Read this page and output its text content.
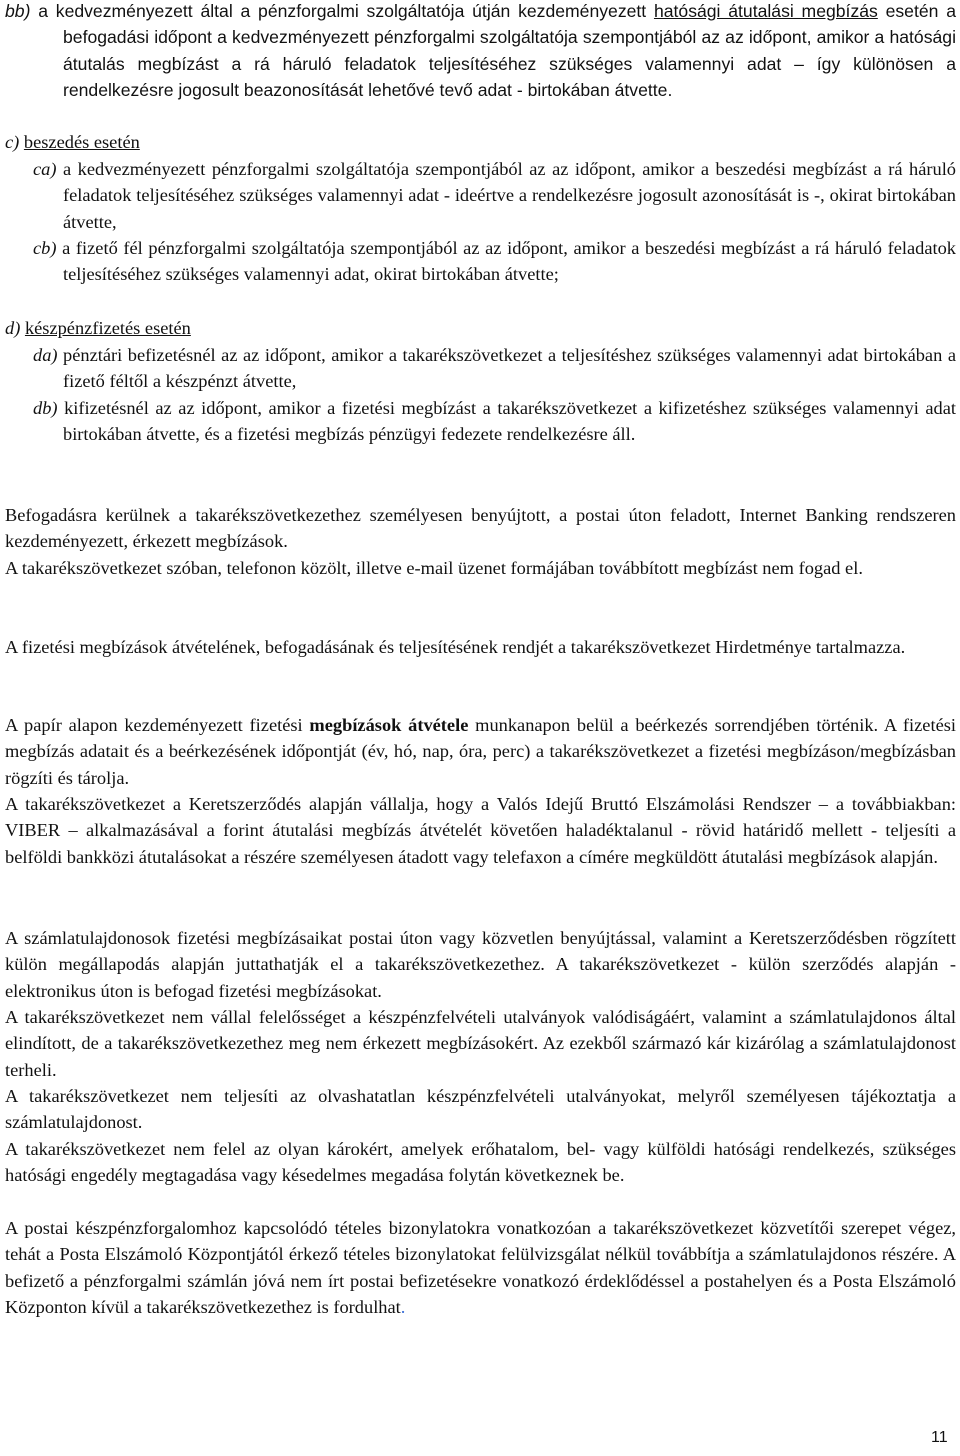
bb) a kedvezményezett által a pénzforgalmi szolgáltatója útján kezdeményezett hatósági átutalási megbízás esetén a befogadási időpont a kedvezményezett pénzforgalmi szolgáltatója szempontjából az az időpont, amikor a hatósági átutalás megbízást a rá háruló feladatok teljesítéséhez szükséges valamennyi adat – így különösen a rendelkezésre jogosult beazonosítását lehetővé tevő adat - birtokában átvette.

c) beszedés esetén

ca) a kedvezményezett pénzforgalmi szolgáltatója szempontjából az az időpont, amikor a beszedési megbízást a rá háruló feladatok teljesítéséhez szükséges valamennyi adat - ideértve a rendelkezésre jogosult azonosítását is -, okirat birtokában átvette,

cb) a fizető fél pénzforgalmi szolgáltatója szempontjából az az időpont, amikor a beszedési megbízást a rá háruló feladatok teljesítéséhez szükséges valamennyi adat, okirat birtokában átvette;

d) készpénzfizetés esetén

da) pénztári befizetésnél az az időpont, amikor a takarékszövetkezet a teljesítéshez szükséges valamennyi adat birtokában a fizető féltől a készpénzt átvette,

db) kifizetésnél az az időpont, amikor a fizetési megbízást a takarékszövetkezet a kifizetéshez szükséges valamennyi adat birtokában átvette, és a fizetési megbízás pénzügyi fedezete rendelkezésre áll.

Befogadásra kerülnek a takarékszövetkezethez személyesen benyújtott, a postai úton feladott, Internet Banking rendszeren kezdeményezett, érkezett megbízások.

A takarékszövetkezet szóban, telefonon közölt, illetve e-mail üzenet formájában továbbított megbízást nem fogad el.

A fizetési megbízások átvételének, befogadásának és teljesítésének rendjét a takarékszövetkezet Hirdetménye tartalmazza.

A papír alapon kezdeményezett fizetési megbízások átvétele munkanapon belül a beérkezés sorrendjében történik. A fizetési megbízás adatait és a beérkezésének időpontját (év, hó, nap, óra, perc) a takarékszövetkezet a fizetési megbízáson/megbízásban rögzíti és tárolja.

A takarékszövetkezet a Keretszerződés alapján vállalja, hogy a Valós Idejű Bruttó Elszámolási Rendszer – a továbbiakban: VIBER – alkalmazásával a forint átutalási megbízás átvételét követően haladéktalanul - rövid határidő mellett - teljesíti a belföldi bankközi átutalásokat a részére személyesen átadott vagy telefaxon a címére megküldött átutalási megbízások alapján.

A számlatulajdonosok fizetési megbízásaikat postai úton vagy közvetlen benyújtással, valamint a Keretszerződésben rögzített külön megállapodás alapján juttathatják el a takarékszövetkezethez. A takarékszövetkezet - külön szerződés alapján - elektronikus úton is befogad fizetési megbízásokat.

A takarékszövetkezet nem vállal felelősséget a készpénzfelvételi utalványok valódiságáért, valamint a számlatulajdonos által elindított, de a takarékszövetkezethez meg nem érkezett megbízásokért. Az ezekből származó kár kizárólag a számlatulajdonost terheli.

A takarékszövetkezet nem teljesíti az olvashatatlan készpénzfelvételi utalványokat, melyről személyesen tájékoztatja a számlatulajdonost.

A takarékszövetkezet nem felel az olyan károkért, amelyek erőhatalom, bel- vagy külföldi hatósági rendelkezés, szükséges hatósági engedély megtagadása vagy késedelmes megadása folytán következnek be.

A postai készpénzforgalomhoz kapcsolódó tételes bizonylatokra vonatkozóan a takarékszövetkezet közvetítői szerepet végez, tehát a Posta Elszámoló Központjától érkező tételes bizonylatokat felülvizsgálat nélkül továbbítja a számlatulajdonos részére. A befizető a pénzforgalmi számlán jóvá nem írt postai befizetésekre vonatkozó érdeklődéssel a postahelyen és a Posta Elszámoló Központon kívül a takarékszövetkezethez is fordulhat.

11
